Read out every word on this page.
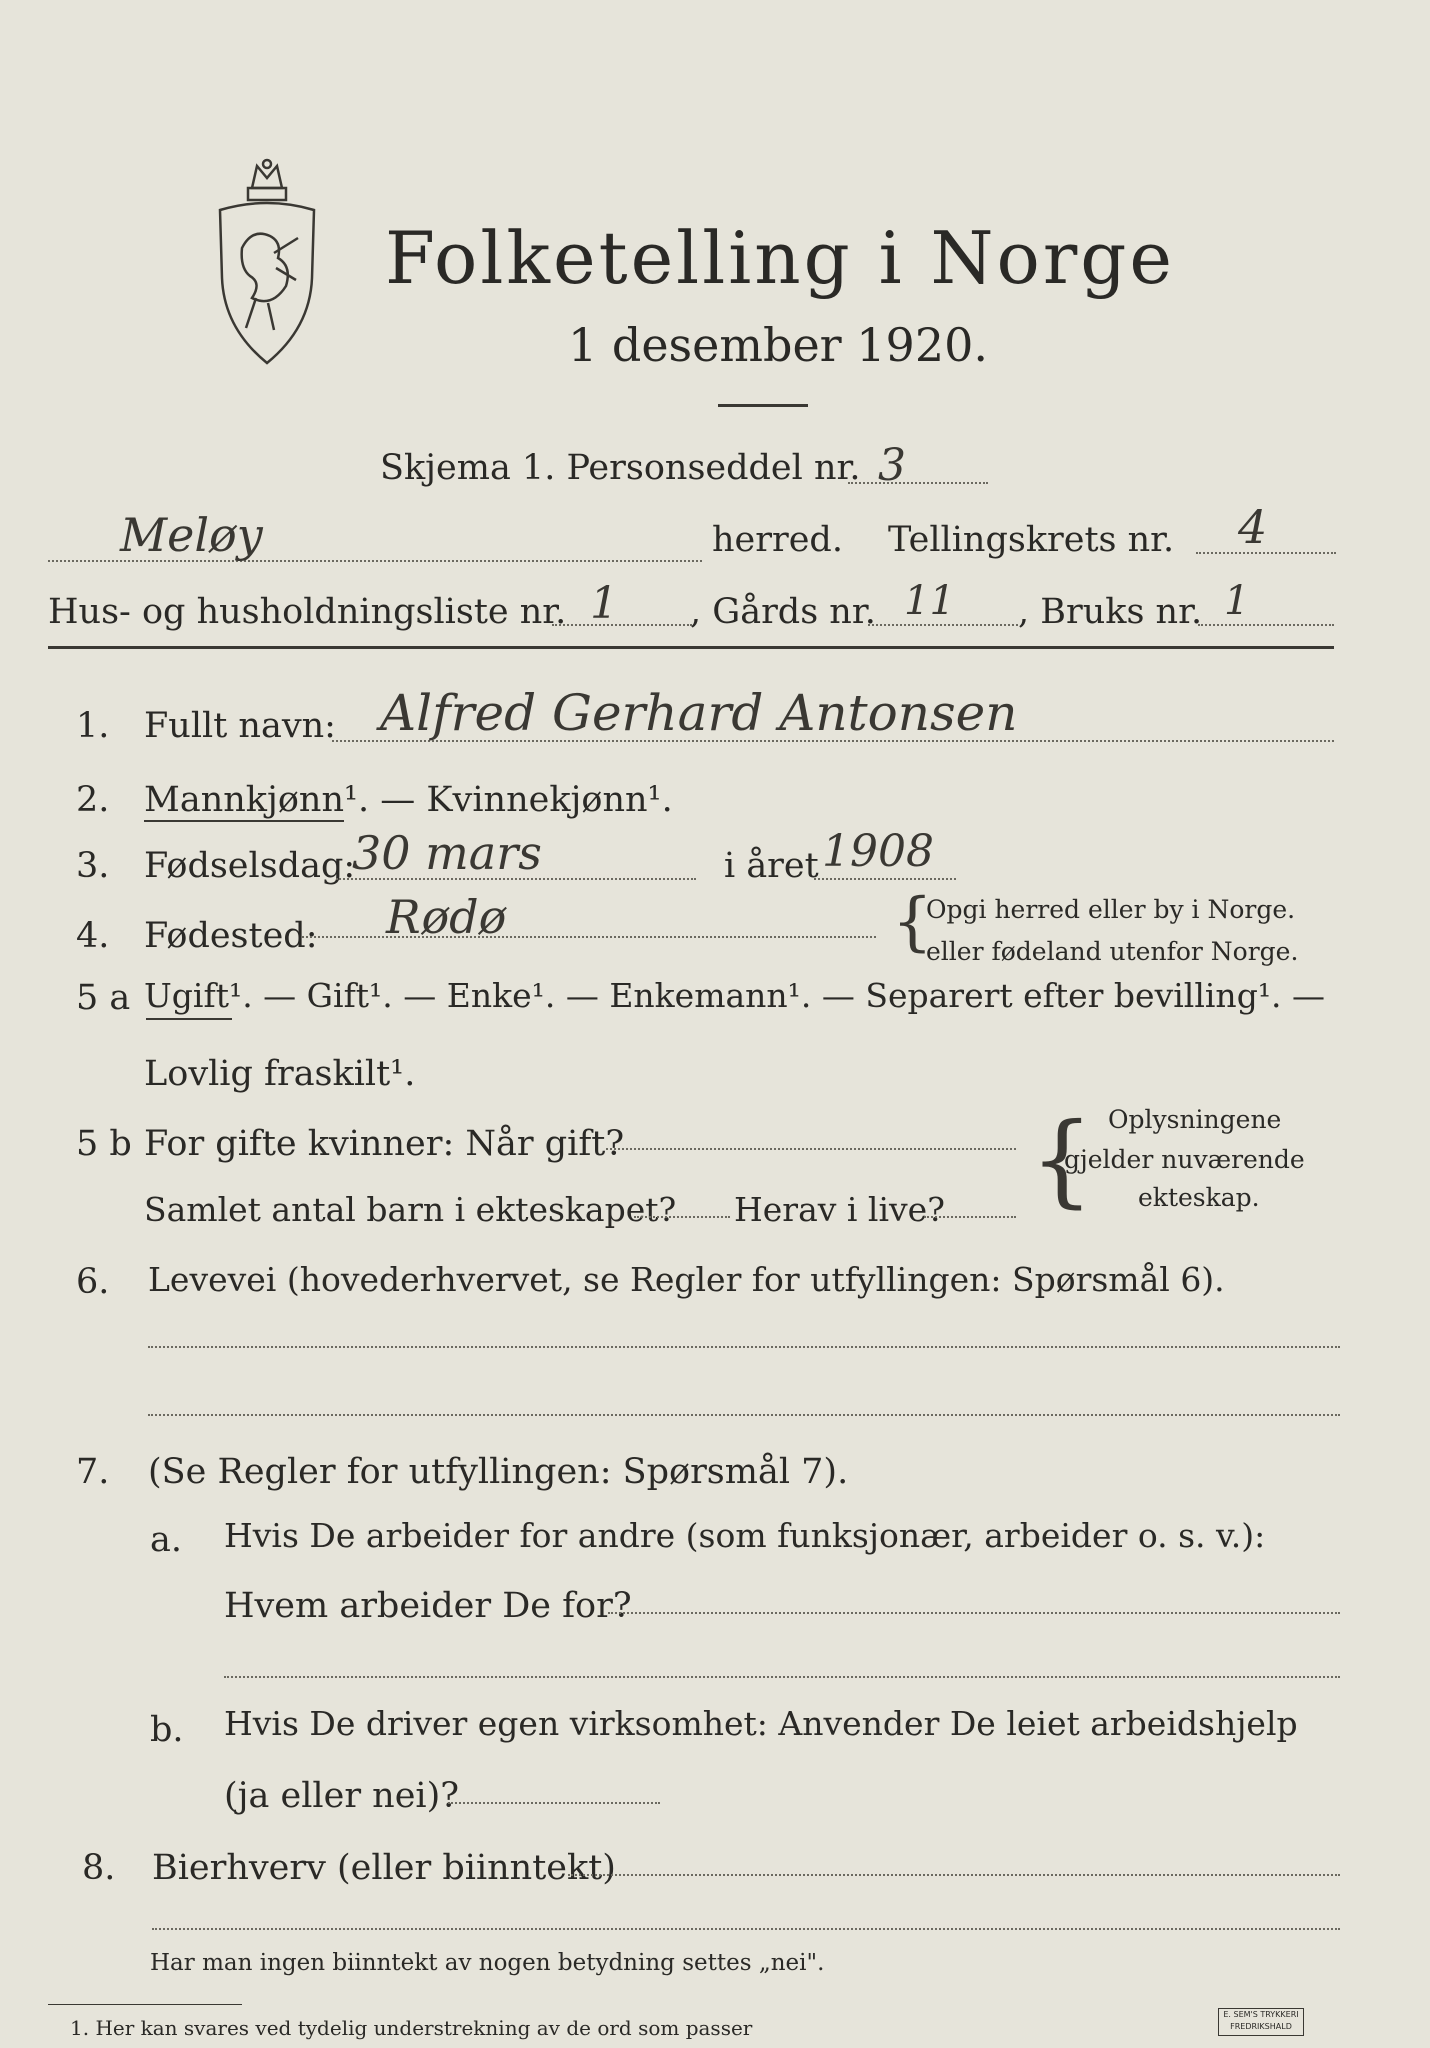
Folketelling i Norge
1 desember 1920.
Skjema 1. Personseddel nr. 3
Meløy	herred. Tellingskrets nr. 4
Hus- og husholdningsliste nr. 1 , Gårds nr. 11 , Bruks nr. 1
1. Fullt navn: Alfred Gerhard Antonsen
2. Mannkjønn¹. — Kvinnekjønn¹.
3. Fødselsdag:
30 mars	i året 1908
4. Fødested: Rødø	{
Opgi herred eller by i Norge.
eller fødeland utenfor Norge.
5 a Ugift¹. — Gift¹. — Enke¹. — Enkemann¹. — Separert efter bevilling¹. —
Lovlig fraskilt¹.
5 b For gifte kvinner: Når gift?
Samlet antal barn i ekteskapet? Herav i live? { Oplysningene
gjelder nuværende
ekteskap.
6. Levevei (hovederhvervet, se Regler for utfyllingen: Spørsmål 6).
7. (Se Regler for utfyllingen: Spørsmål 7).
a. Hvis De arbeider for andre (som funksjonær, arbeider o. s. v.):
Hvem arbeider De for?
b. Hvis De driver egen virksomhet: Anvender De leiet arbeidshjelp
(ja eller nei)?
8. Bierhverv (eller biinntekt)
Har man ingen biinntekt av nogen betydning settes „nei".
1. Her kan svares ved tydelig understrekning av de ord som passer
E. SEM'S TRYKKERI
FREDRIKSHALD
